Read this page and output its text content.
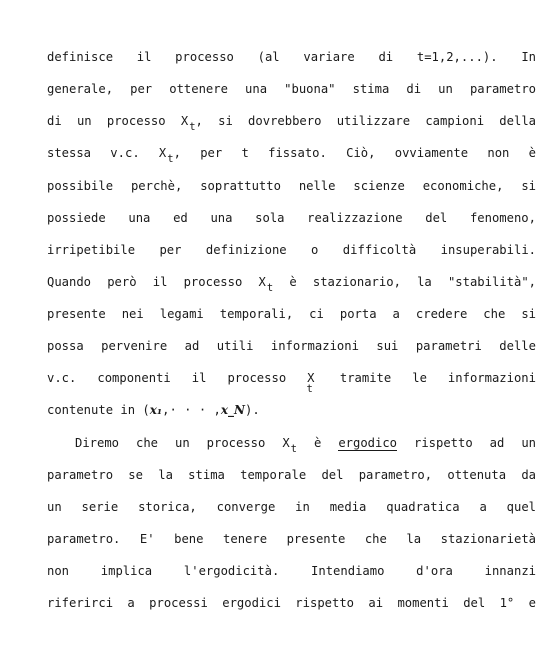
definisce il processo (al variare di t=1,2,...). In
generale, per ottenere una "buona" stima di un parametro
di un processo Xt, si dovrebbero utilizzare campioni della
stessa v.c. Xt, per t fissato. Ciò, ovviamente non è
possibile perchè, soprattutto nelle scienze economiche, si
possiede una ed una sola realizzazione del fenomeno,
irripetibile per definizione o difficoltà insuperabili.
Quando però il processo Xt è stazionario, la "stabilità",
presente nei legami temporali, ci porta a credere che si
possa pervenire ad utili informazioni sui parametri delle
v.c. componenti il processo Xt tramite le informazioni
contenute in (x₁,· · · ,x_N).
Diremo che un processo Xt è ergodico rispetto ad un
parametro se la stima temporale del parametro, ottenuta da
un serie storica, converge in media quadratica a quel
parametro. E' bene tenere presente che la stazionarietà
non implica l'ergodicità. Intendiamo d'ora innanzi
riferirci a processi ergodici rispetto ai momenti del 1° e
